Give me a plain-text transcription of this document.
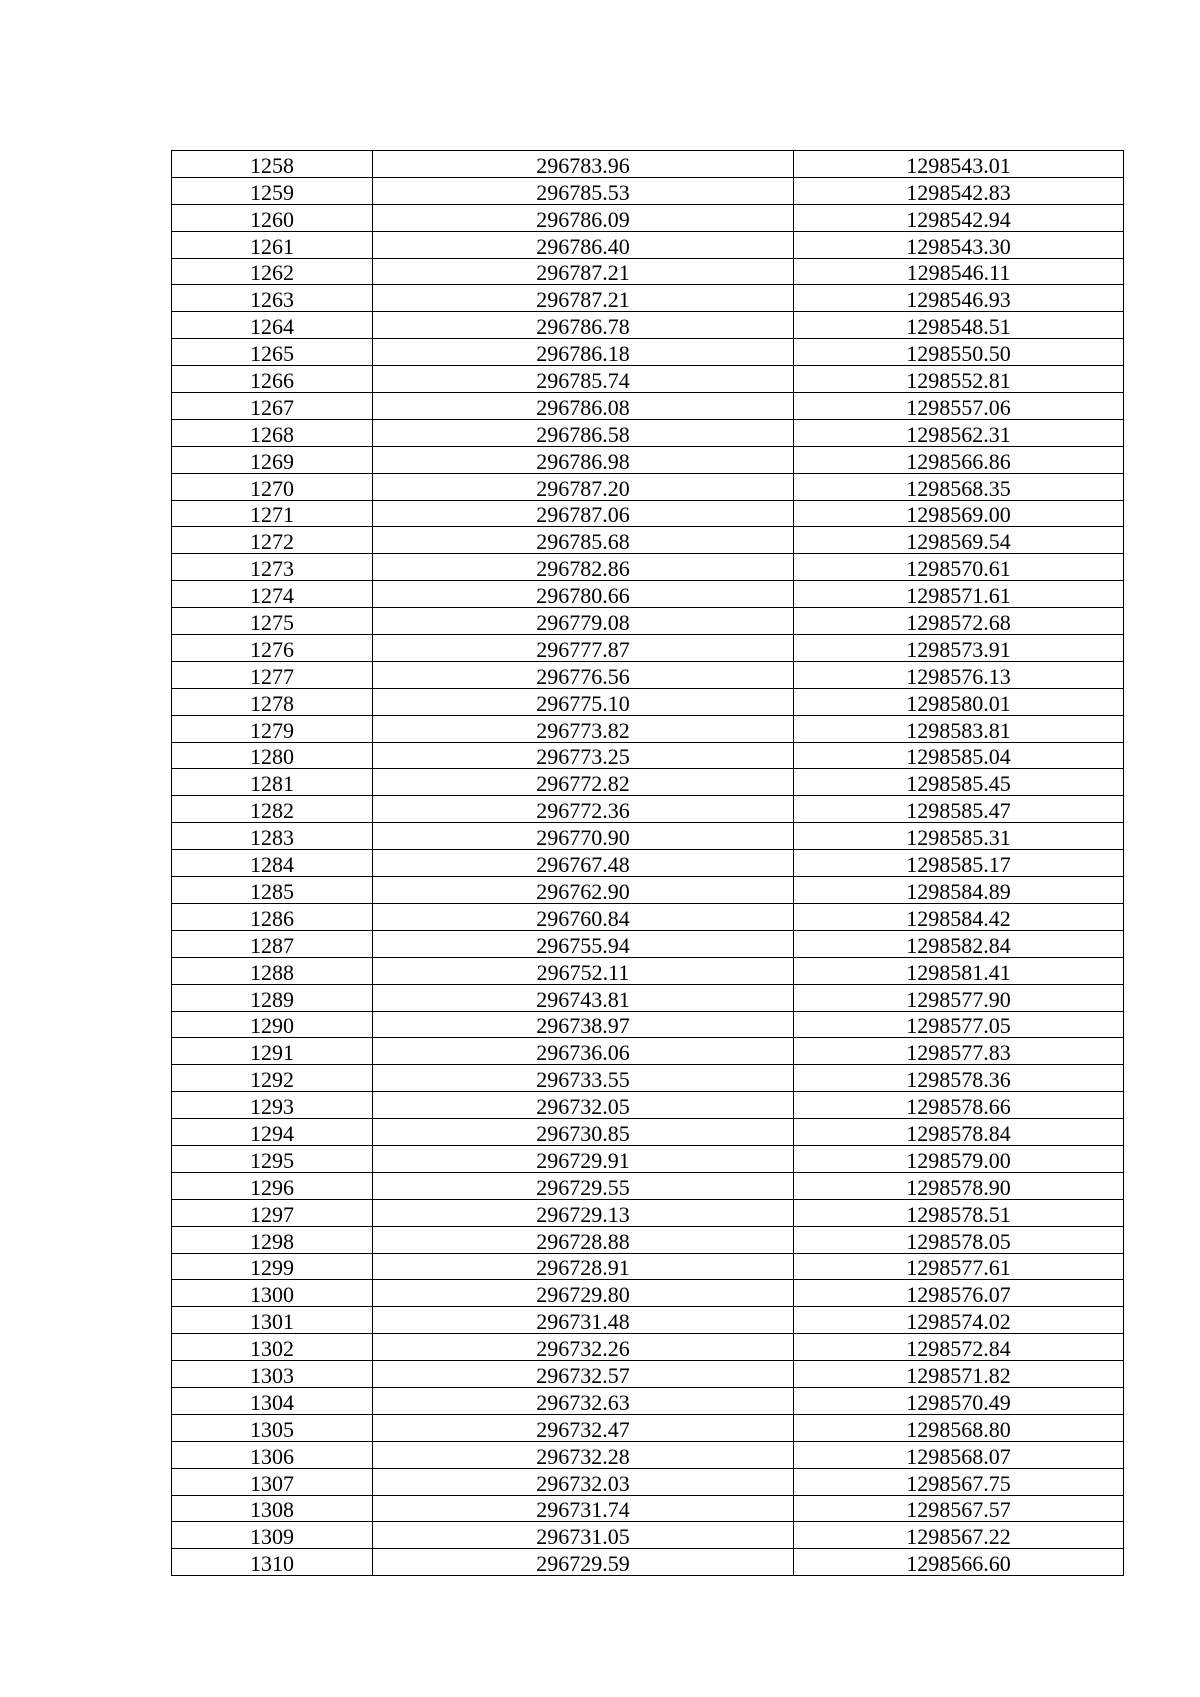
1258	296783.96	1298543.01
1259	296785.53	1298542.83
1260	296786.09	1298542.94
1261	296786.40	1298543.30
1262	296787.21	1298546.11
1263	296787.21	1298546.93
1264	296786.78	1298548.51
1265	296786.18	1298550.50
1266	296785.74	1298552.81
1267	296786.08	1298557.06
1268	296786.58	1298562.31
1269	296786.98	1298566.86
1270	296787.20	1298568.35
1271	296787.06	1298569.00
1272	296785.68	1298569.54
1273	296782.86	1298570.61
1274	296780.66	1298571.61
1275	296779.08	1298572.68
1276	296777.87	1298573.91
1277	296776.56	1298576.13
1278	296775.10	1298580.01
1279	296773.82	1298583.81
1280	296773.25	1298585.04
1281	296772.82	1298585.45
1282	296772.36	1298585.47
1283	296770.90	1298585.31
1284	296767.48	1298585.17
1285	296762.90	1298584.89
1286	296760.84	1298584.42
1287	296755.94	1298582.84
1288	296752.11	1298581.41
1289	296743.81	1298577.90
1290	296738.97	1298577.05
1291	296736.06	1298577.83
1292	296733.55	1298578.36
1293	296732.05	1298578.66
1294	296730.85	1298578.84
1295	296729.91	1298579.00
1296	296729.55	1298578.90
1297	296729.13	1298578.51
1298	296728.88	1298578.05
1299	296728.91	1298577.61
1300	296729.80	1298576.07
1301	296731.48	1298574.02
1302	296732.26	1298572.84
1303	296732.57	1298571.82
1304	296732.63	1298570.49
1305	296732.47	1298568.80
1306	296732.28	1298568.07
1307	296732.03	1298567.75
1308	296731.74	1298567.57
1309	296731.05	1298567.22
1310	296729.59	1298566.60
